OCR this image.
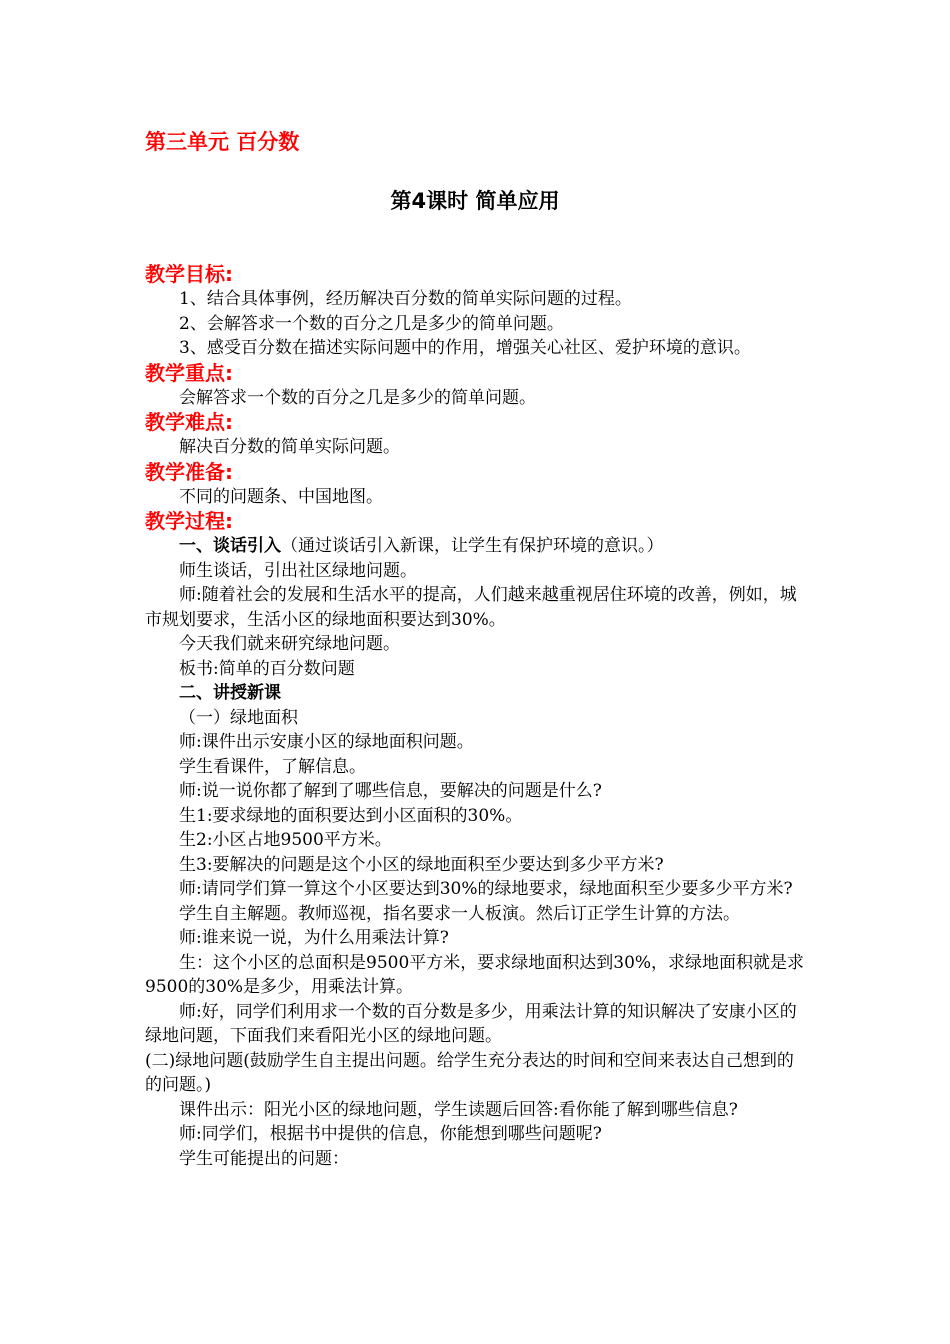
第三单元 百分数
第4课时 简单应用

教学目标:

1、结合具体事例，经历解决百分数的简单实际问题的过程。

2、会解答求一个数的百分之几是多少的简单问题。

3、感受百分数在描述实际问题中的作用，增强关心社区、爱护环境的意识。

教学重点:

会解答求一个数的百分之几是多少的简单问题。

教学难点:

解决百分数的简单实际问题。

教学准备:

不同的问题条、中国地图。

教学过程:

一、谈话引入（通过谈话引入新课，让学生有保护环境的意识。）

师生谈话，引出社区绿地问题。

师:随着社会的发展和生活水平的提高，人们越来越重视居住环境的改善，例如，城市规划要求，生活小区的绿地面积要达到30%。

今天我们就来研究绿地问题。

板书:简单的百分数问题

二、讲授新课

（一）绿地面积

师:课件出示安康小区的绿地面积问题。

学生看课件，了解信息。

师:说一说你都了解到了哪些信息，要解决的问题是什么?

生1:要求绿地的面积要达到小区面积的30%。

生2:小区占地9500平方米。

生3:要解决的问题是这个小区的绿地面积至少要达到多少平方米?

师:请同学们算一算这个小区要达到30%的绿地要求，绿地面积至少要多少平方米?

学生自主解题。教师巡视，指名要求一人板演。然后订正学生计算的方法。

师:谁来说一说，为什么用乘法计算?

生：这个小区的总面积是9500平方米，要求绿地面积达到30%，求绿地面积就是求9500的30%是多少，用乘法计算。

师:好，同学们利用求一个数的百分数是多少，用乘法计算的知识解决了安康小区的绿地问题，下面我们来看阳光小区的绿地问题。

(二)绿地问题(鼓励学生自主提出问题。给学生充分表达的时间和空间来表达自己想到的的问题。)

课件出示：阳光小区的绿地问题，学生读题后回答:看你能了解到哪些信息?

师:同学们，根据书中提供的信息，你能想到哪些问题呢?

学生可能提出的问题：
